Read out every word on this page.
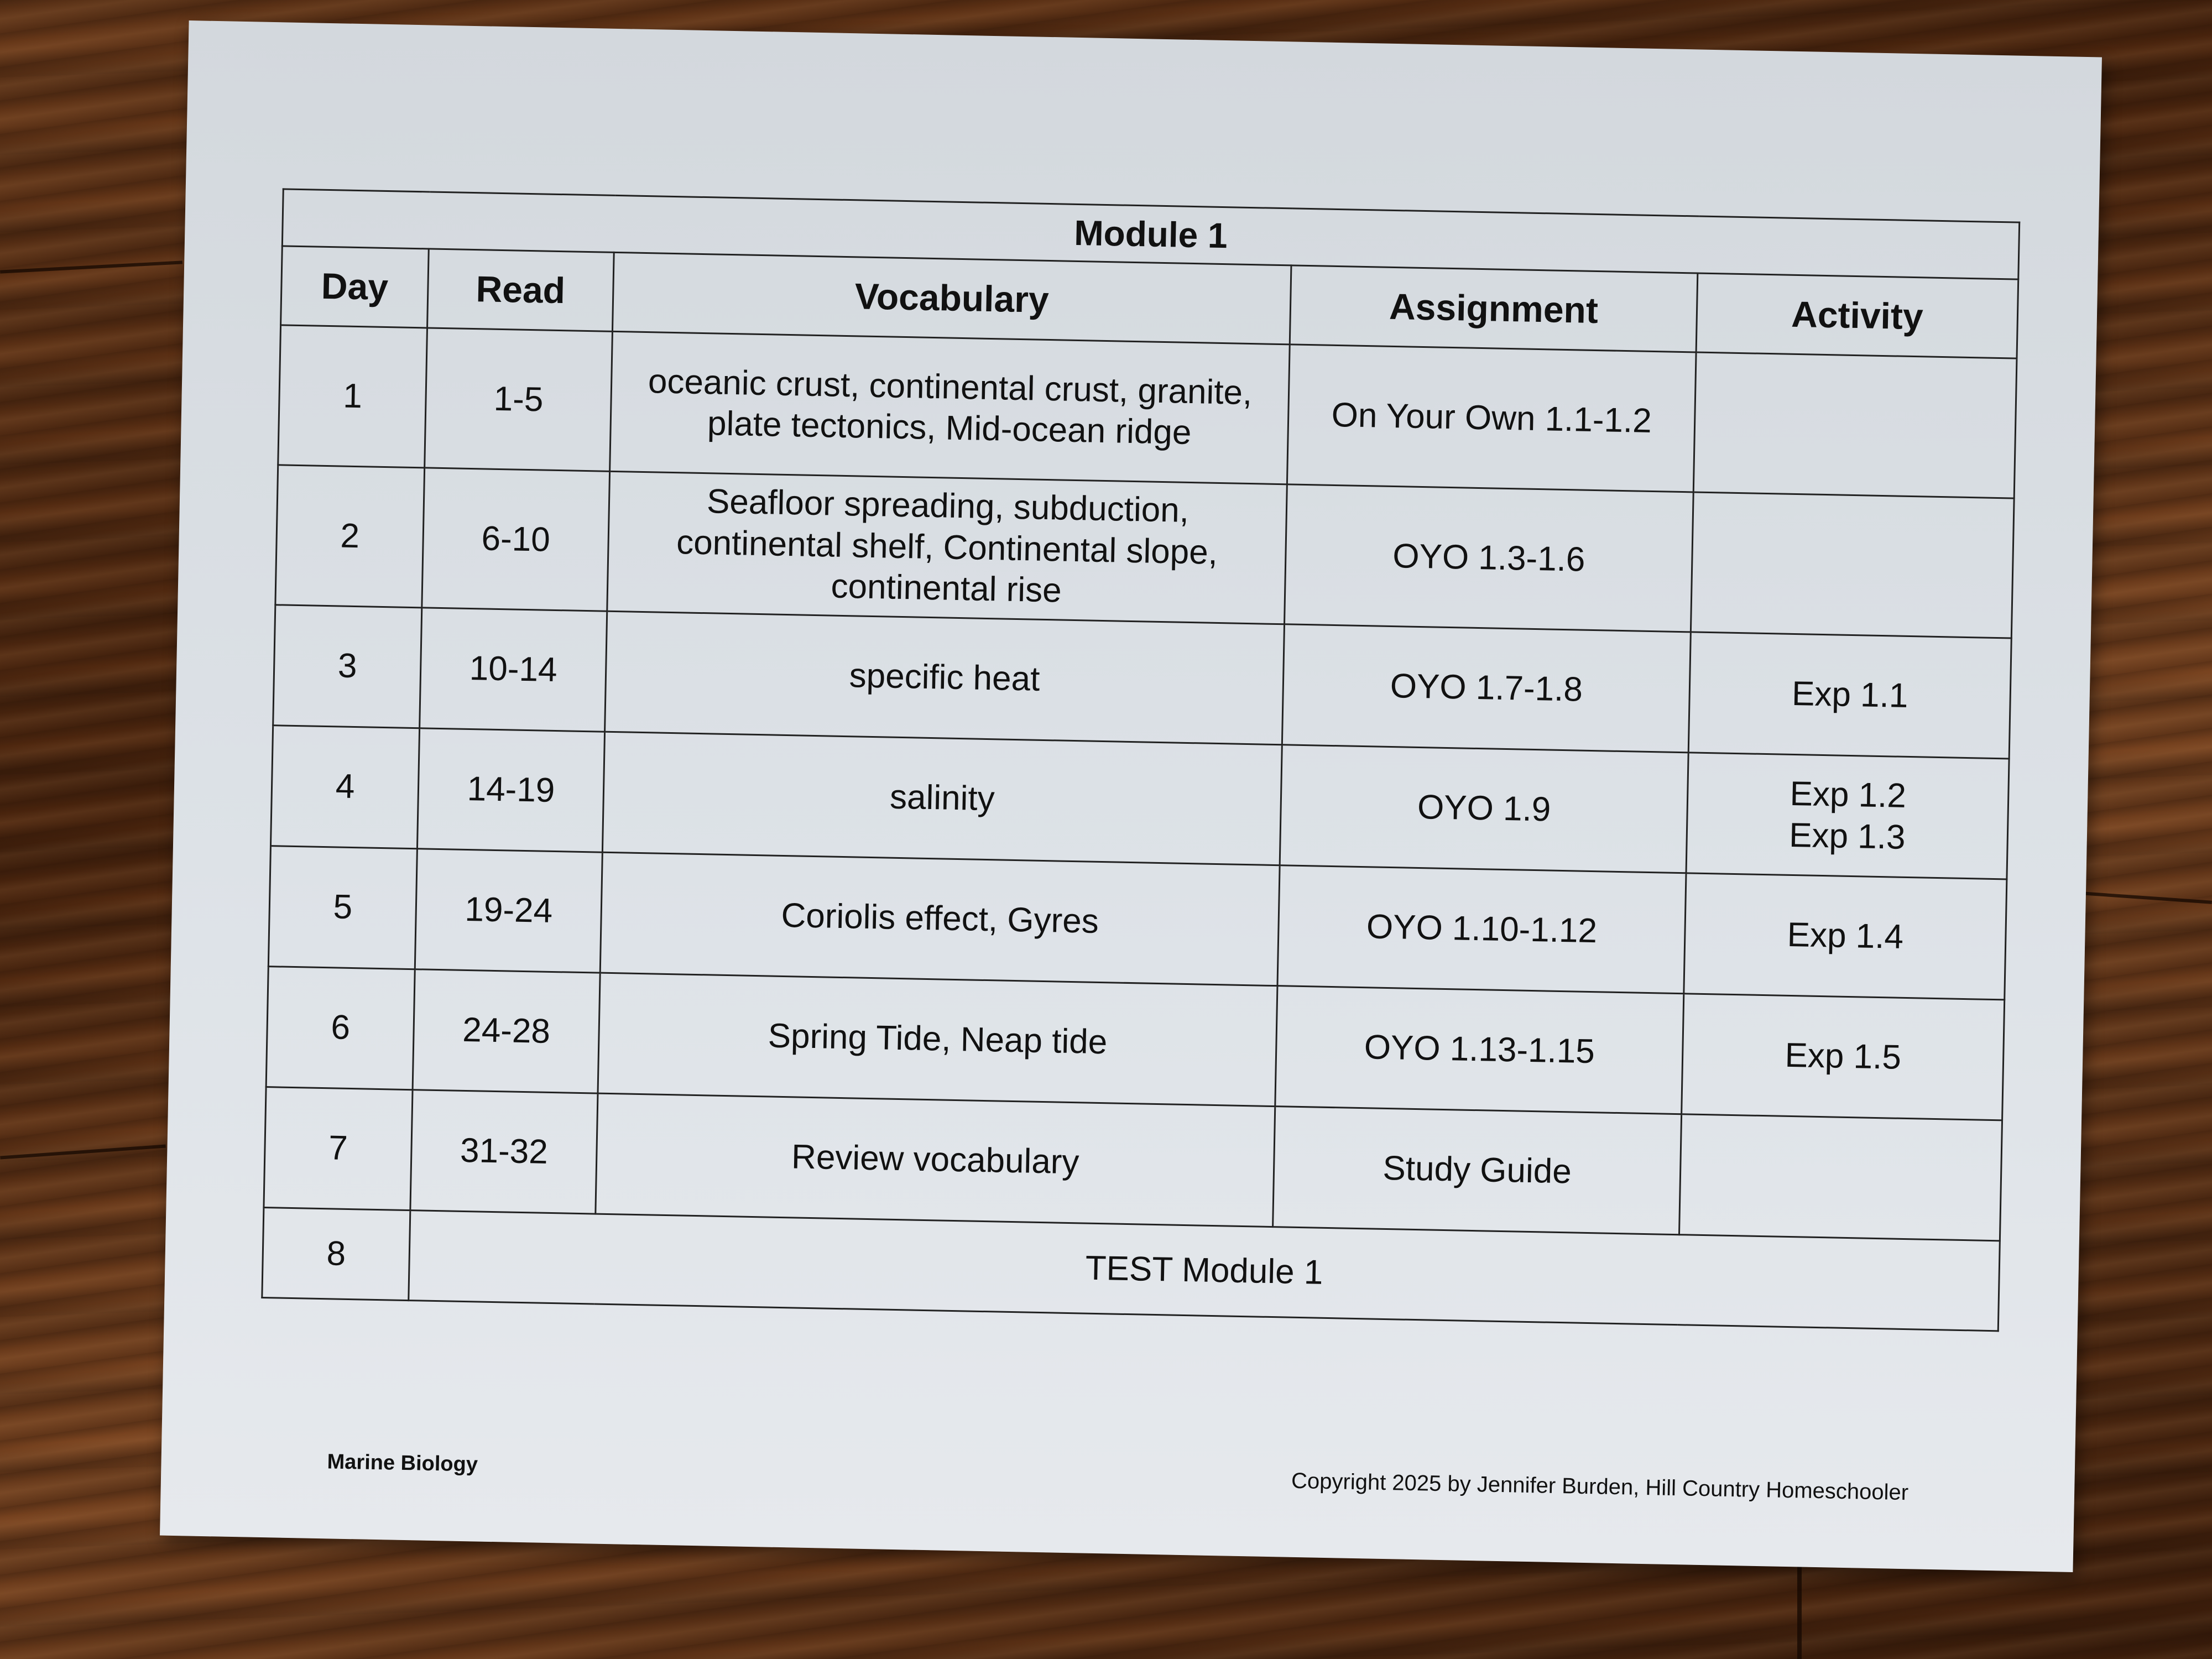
Module 1				
Day	Read	Vocabulary	Assignment	Activity
1	1-5	oceanic crust, continental crust, granite, plate tectonics, Mid-ocean ridge	On Your Own 1.1-1.2	
2	6-10	Seafloor spreading, subduction, continental shelf, Continental slope, continental rise	OYO 1.3-1.6	
3	10-14	specific heat	OYO 1.7-1.8	Exp 1.1
4	14-19	salinity	OYO 1.9	Exp 1.2
Exp 1.3
5	19-24	Coriolis effect, Gyres	OYO 1.10-1.12	Exp 1.4
6	24-28	Spring Tide, Neap tide	OYO 1.13-1.15	Exp 1.5
7	31-32	Review vocabulary	Study Guide	
8	TEST Module 1			
Marine Biology
Copyright 2025 by Jennifer Burden, Hill Country Homeschooler
